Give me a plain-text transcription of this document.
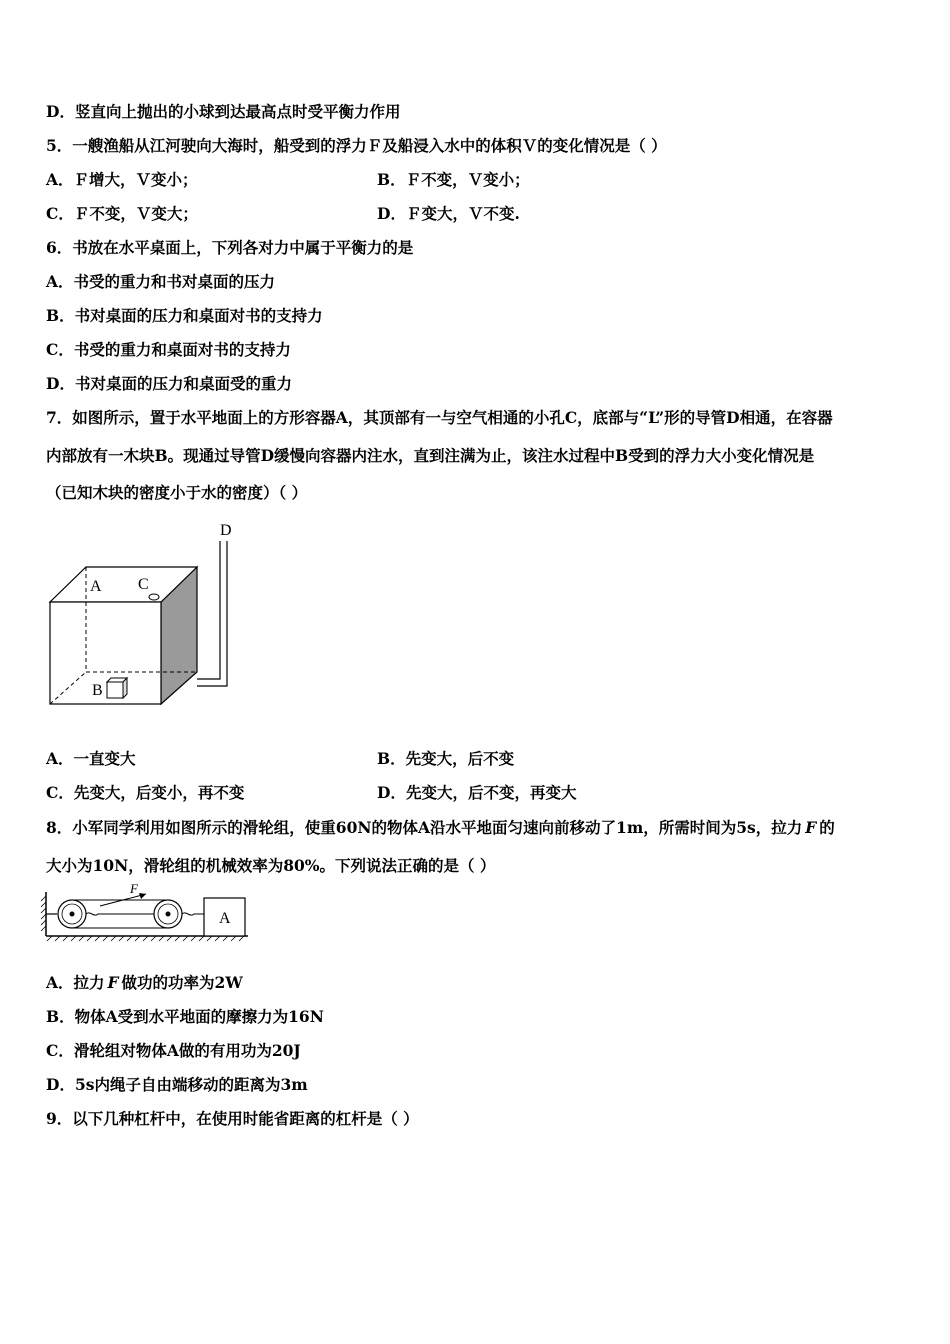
D．竖直向上抛出的小球到达最高点时受平衡力作用
5．一艘渔船从江河驶向大海时，船受到的浮力Ｆ及船浸入水中的体积Ｖ的变化情况是（ ）
A．Ｆ增大，Ｖ变小；	B．Ｆ不变，Ｖ变小；
C．Ｆ不变，Ｖ变大；	D．Ｆ变大，Ｖ不变.
6．书放在水平桌面上，下列各对力中属于平衡力的是
A．书受的重力和书对桌面的压力
B．书对桌面的压力和桌面对书的支持力
C．书受的重力和桌面对书的支持力
D．书对桌面的压力和桌面受的重力
7．如图所示，置于水平地面上的方形容器A，其顶部有一与空气相通的小孔C，底部与“L”形的导管D相通，在容器
内部放有一木块B。现通过导管D缓慢向容器内注水，直到注满为止，该注水过程中B受到的浮力大小变化情况是
（已知木块的密度小于水的密度）（ ）
A C
B
D
A．一直变大	B．先变大，后不变
C．先变大，后变小，再不变	D．先变大，后不变，再变大
8．小军同学利用如图所示的滑轮组，使重60N的物体A沿水平地面匀速向前移动了1m，所需时间为5s，拉力 F 的
大小为10N，滑轮组的机械效率为80%。下列说法正确的是（ ）
F
A
A．拉力 F 做功的功率为2W
B．物体A受到水平地面的摩擦力为16N
C．滑轮组对物体A做的有用功为20J
D．5s内绳子自由端移动的距离为3m
9．以下几种杠杆中，在使用时能省距离的杠杆是（ ）
